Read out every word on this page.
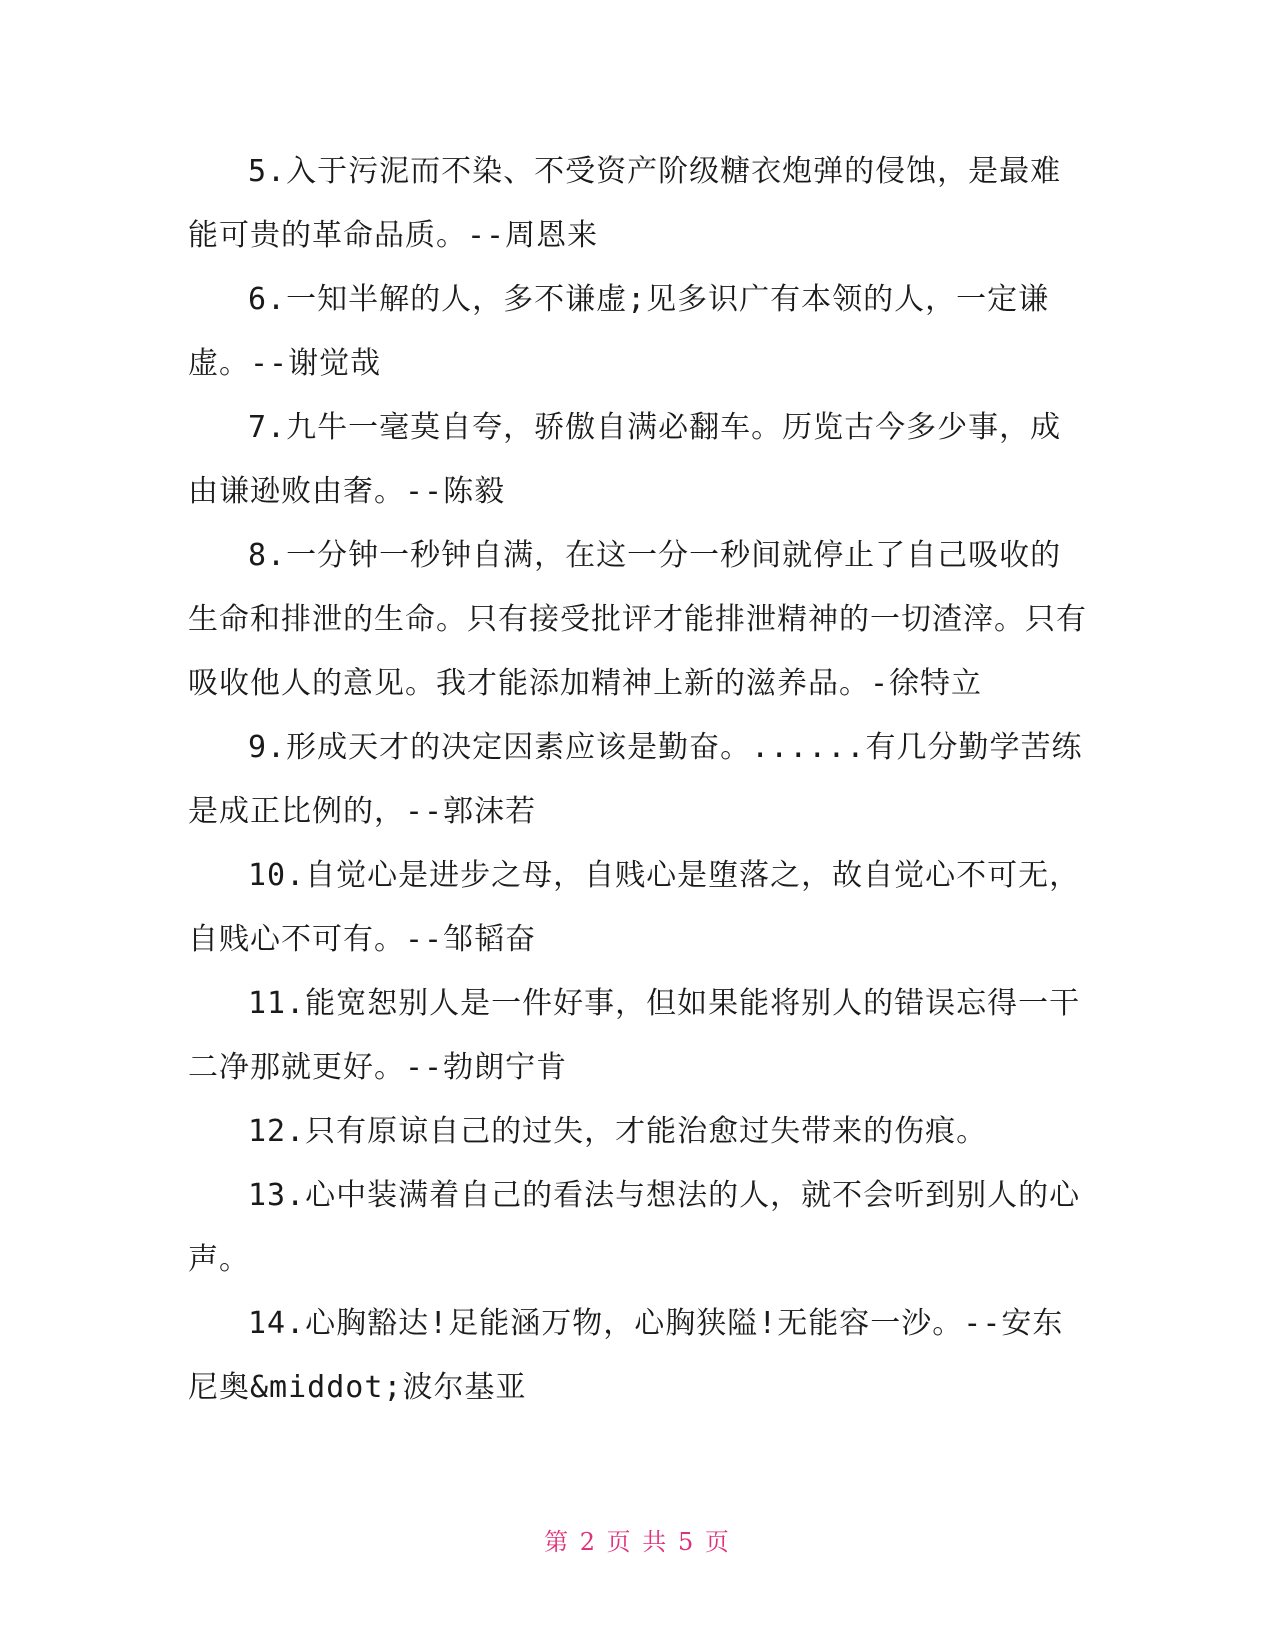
5.入于污泥而不染、不受资产阶级糖衣炮弹的侵蚀，是最难能可贵的革命品质。--周恩来

6.一知半解的人，多不谦虚;见多识广有本领的人，一定谦虚。--谢觉哉

7.九牛一毫莫自夸，骄傲自满必翻车。历览古今多少事，成由谦逊败由奢。--陈毅

8.一分钟一秒钟自满，在这一分一秒间就停止了自己吸收的生命和排泄的生命。只有接受批评才能排泄精神的一切渣滓。只有吸收他人的意见。我才能添加精神上新的滋养品。-徐特立

9.形成天才的决定因素应该是勤奋。......有几分勤学苦练是成正比例的，--郭沫若

10.自觉心是进步之母，自贱心是堕落之，故自觉心不可无，自贱心不可有。--邹韬奋

11.能宽恕别人是一件好事，但如果能将别人的错误忘得一干二净那就更好。--勃朗宁肯

12.只有原谅自己的过失，才能治愈过失带来的伤痕。

13.心中装满着自己的看法与想法的人，就不会听到别人的心声。

14.心胸豁达!足能涵万物，心胸狭隘!无能容一沙。--安东尼奥&middot;波尔基亚

第 2 页 共 5 页
